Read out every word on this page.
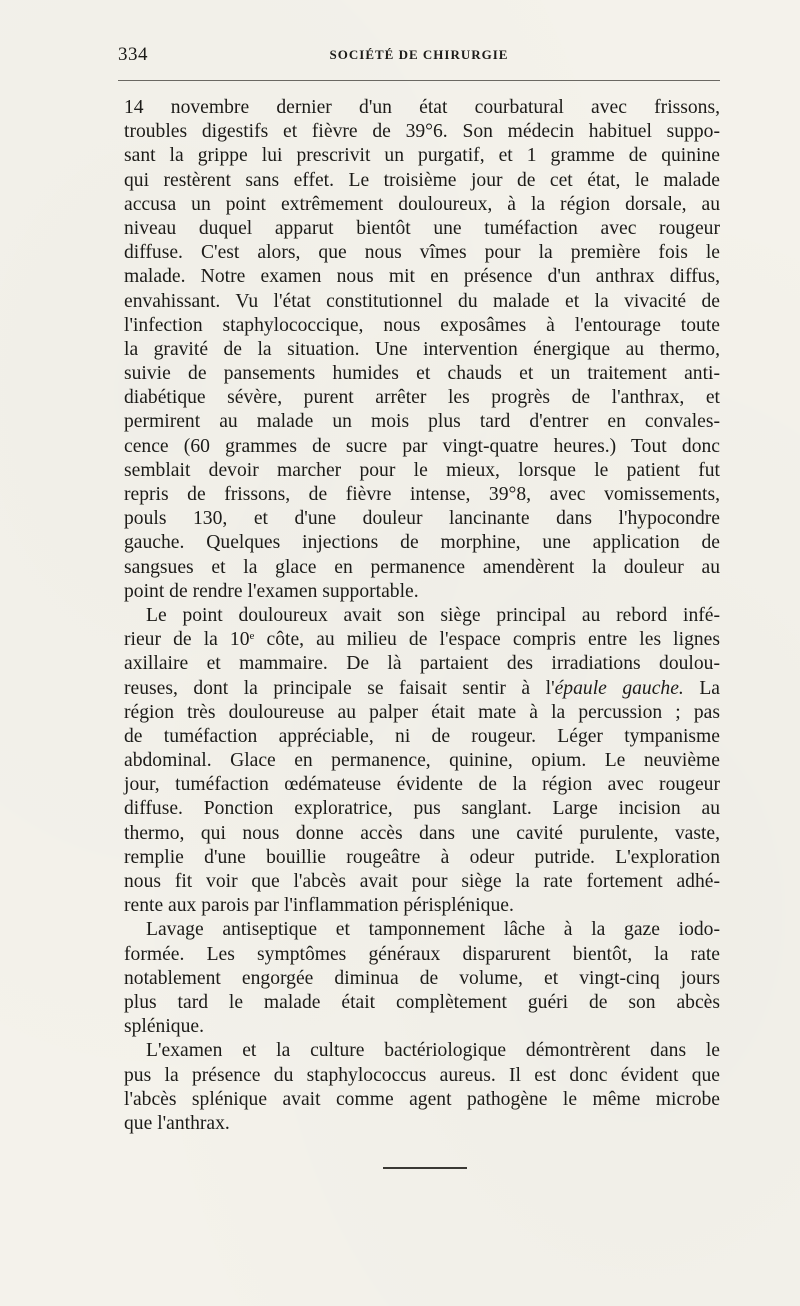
334	SOCIÉTÉ DE CHIRURGIE
14 novembre dernier d'un état courbatural avec frissons,
troubles digestifs et fièvre de 39°6. Son médecin habituel suppo-
sant la grippe lui prescrivit un purgatif, et 1 gramme de quinine
qui restèrent sans effet. Le troisième jour de cet état, le malade
accusa un point extrêmement douloureux, à la région dorsale, au
niveau duquel apparut bientôt une tuméfaction avec rougeur
diffuse. C'est alors, que nous vîmes pour la première fois le
malade. Notre examen nous mit en présence d'un anthrax diffus,
envahissant. Vu l'état constitutionnel du malade et la vivacité de
l'infection staphylococcique, nous exposâmes à l'entourage toute
la gravité de la situation. Une intervention énergique au thermo,
suivie de pansements humides et chauds et un traitement anti-
diabétique sévère, purent arrêter les progrès de l'anthrax, et
permirent au malade un mois plus tard d'entrer en convales-
cence (60 grammes de sucre par vingt-quatre heures.) Tout donc
semblait devoir marcher pour le mieux, lorsque le patient fut
repris de frissons, de fièvre intense, 39°8, avec vomissements,
pouls 130, et d'une douleur lancinante dans l'hypocondre
gauche. Quelques injections de morphine, une application de
sangsues et la glace en permanence amendèrent la douleur au
point de rendre l'examen supportable.
Le point douloureux avait son siège principal au rebord infé-
rieur de la 10e côte, au milieu de l'espace compris entre les lignes
axillaire et mammaire. De là partaient des irradiations doulou-
reuses, dont la principale se faisait sentir à l'épaule gauche. La
région très douloureuse au palper était mate à la percussion ; pas
de tuméfaction appréciable, ni de rougeur. Léger tympanisme
abdominal. Glace en permanence, quinine, opium. Le neuvième
jour, tuméfaction œdémateuse évidente de la région avec rougeur
diffuse. Ponction exploratrice, pus sanglant. Large incision au
thermo, qui nous donne accès dans une cavité purulente, vaste,
remplie d'une bouillie rougeâtre à odeur putride. L'exploration
nous fit voir que l'abcès avait pour siège la rate fortement adhé-
rente aux parois par l'inflammation périsplénique.
Lavage antiseptique et tamponnement lâche à la gaze iodo-
formée. Les symptômes généraux disparurent bientôt, la rate
notablement engorgée diminua de volume, et vingt-cinq jours
plus tard le malade était complètement guéri de son abcès
splénique.
L'examen et la culture bactériologique démontrèrent dans le
pus la présence du staphylococcus aureus. Il est donc évident que
l'abcès splénique avait comme agent pathogène le même microbe
que l'anthrax.
